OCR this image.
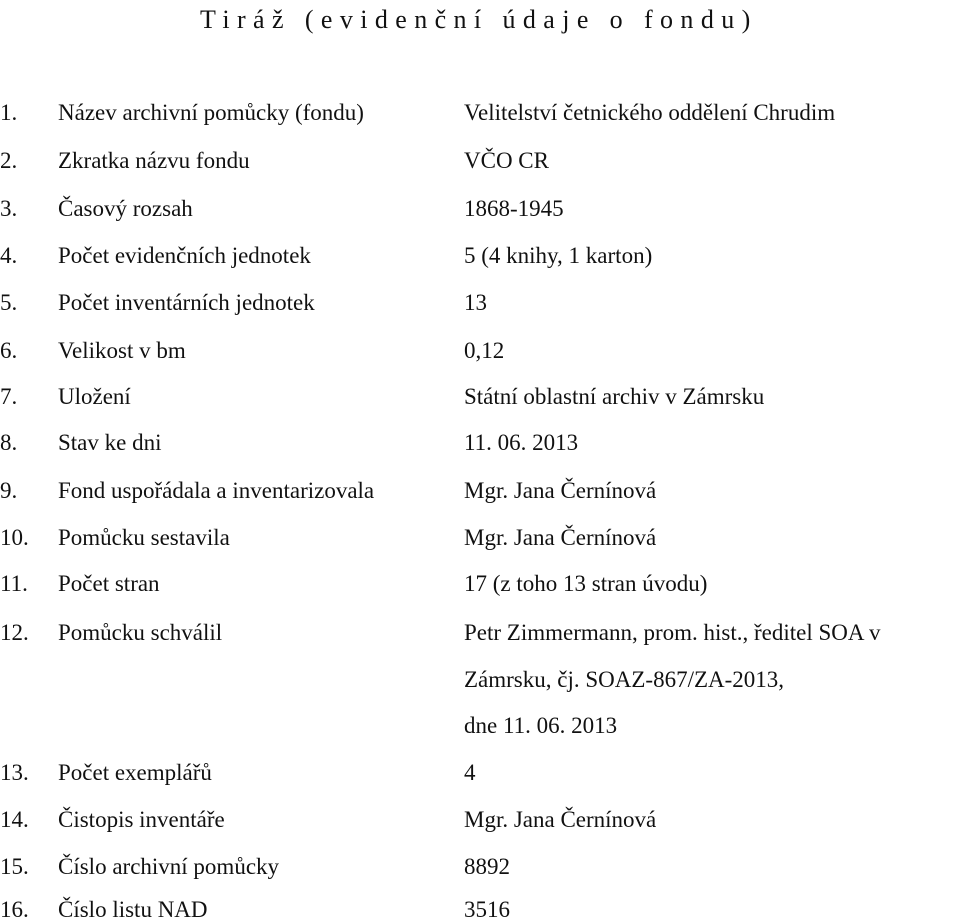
Tiráž (evidenční údaje o fondu)
1. Název archivní pomůcky (fondu)	Velitelství četnického oddělení Chrudim
2. Zkratka názvu fondu	VČO CR
3. Časový rozsah	1868-1945
4. Počet evidenčních jednotek	5 (4 knihy, 1 karton)
5. Počet inventárních jednotek	13
6. Velikost v bm	0,12
7. Uložení	Státní oblastní archiv v Zámrsku
8. Stav ke dni	11. 06. 2013
9. Fond uspořádala a inventarizovala	Mgr. Jana Černínová
10. Pomůcku sestavila	Mgr. Jana Černínová
11. Počet stran	17 (z toho 13 stran úvodu)
12. Pomůcku schválil	Petr Zimmermann, prom. hist., ředitel SOA v
Zámrsku, čj. SOAZ-867/ZA-2013,
dne 11. 06. 2013
13. Počet exemplářů	4
14. Čistopis inventáře	Mgr. Jana Černínová
15. Číslo archivní pomůcky	8892
16. Číslo listu NAD	3516
